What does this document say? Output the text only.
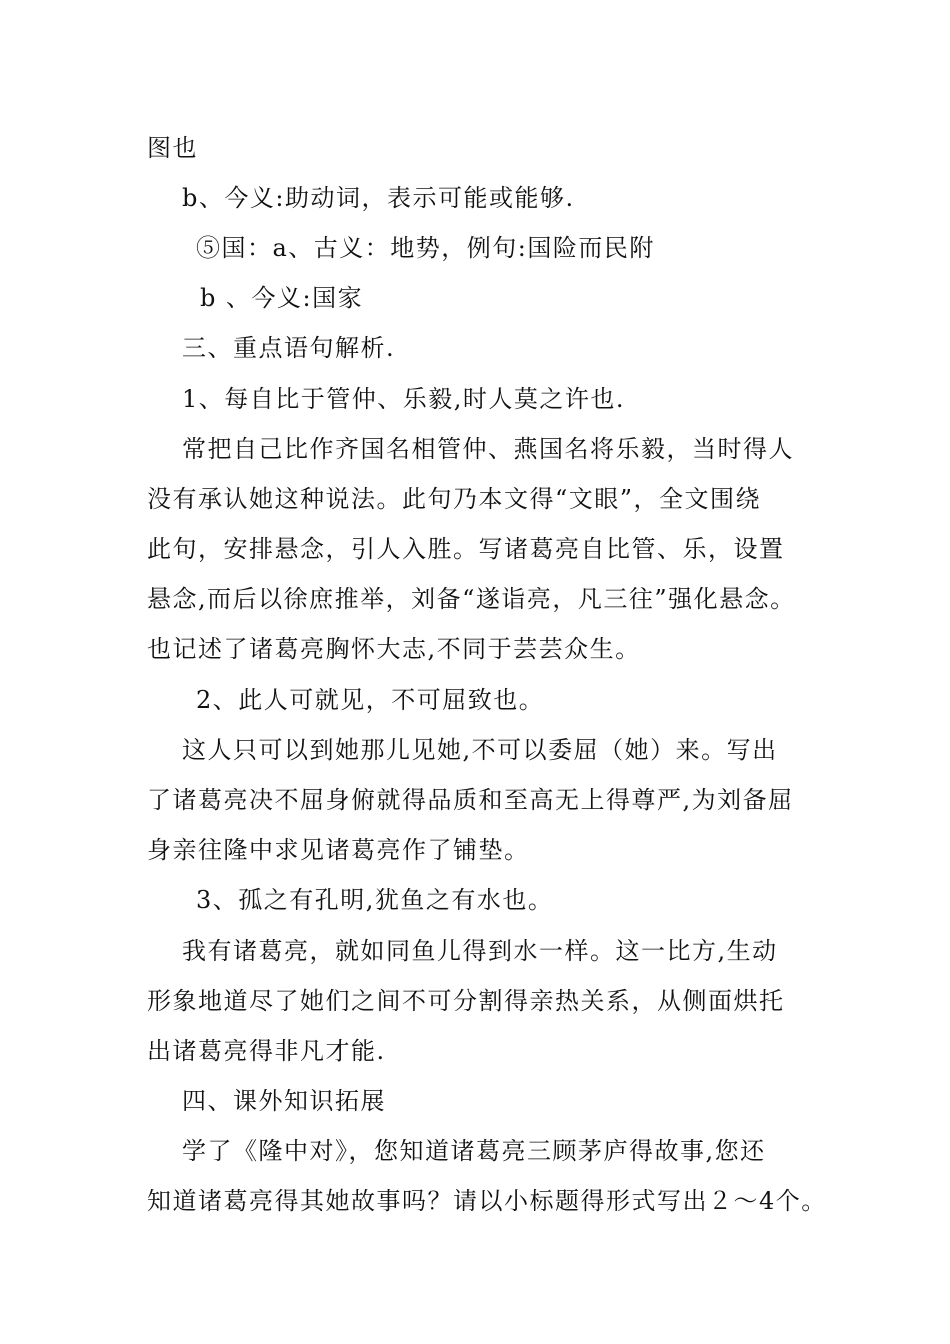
图也
b、今义:助动词，表示可能或能够.
⑤国：a、古义：地势，例句:国险而民附
b 、今义:国家
三、重点语句解析.
1、每自比于管仲、乐毅,时人莫之许也.
常把自己比作齐国名相管仲、燕国名将乐毅，当时得人
没有承认她这种说法。此句乃本文得“文眼”，全文围绕
此句，安排悬念，引人入胜。写诸葛亮自比管、乐，设置
悬念,而后以徐庶推举，刘备“遂诣亮，凡三往”强化悬念。
也记述了诸葛亮胸怀大志,不同于芸芸众生。
2、此人可就见，不可屈致也。
这人只可以到她那儿见她,不可以委屈（她）来。写出
了诸葛亮决不屈身俯就得品质和至高无上得尊严,为刘备屈
身亲往隆中求见诸葛亮作了铺垫。
3、孤之有孔明,犹鱼之有水也。
我有诸葛亮，就如同鱼儿得到水一样。这一比方,生动
形象地道尽了她们之间不可分割得亲热关系，从侧面烘托
出诸葛亮得非凡才能.
四、课外知识拓展
学了《隆中对》，您知道诸葛亮三顾茅庐得故事,您还
知道诸葛亮得其她故事吗？请以小标题得形式写出２～4个。
